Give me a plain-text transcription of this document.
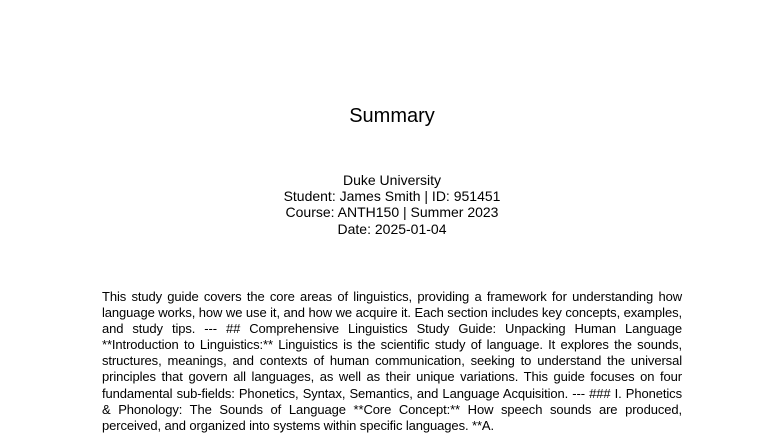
Summary
Duke University
Student: James Smith | ID: 951451
Course: ANTH150 | Summer 2023
Date: 2025-01-04
This study guide covers the core areas of linguistics, providing a framework for understanding how language works, how we use it, and how we acquire it. Each section includes key concepts, examples, and study tips. --- ## Comprehensive Linguistics Study Guide: Unpacking Human Language **Introduction to Linguistics:** Linguistics is the scientific study of language. It explores the sounds, structures, meanings, and contexts of human communication, seeking to understand the universal principles that govern all languages, as well as their unique variations. This guide focuses on four fundamental sub-fields: Phonetics, Syntax, Semantics, and Language Acquisition. --- ### I. Phonetics & Phonology: The Sounds of Language **Core Concept:** How speech sounds are produced, perceived, and organized into systems within specific languages. **A.
